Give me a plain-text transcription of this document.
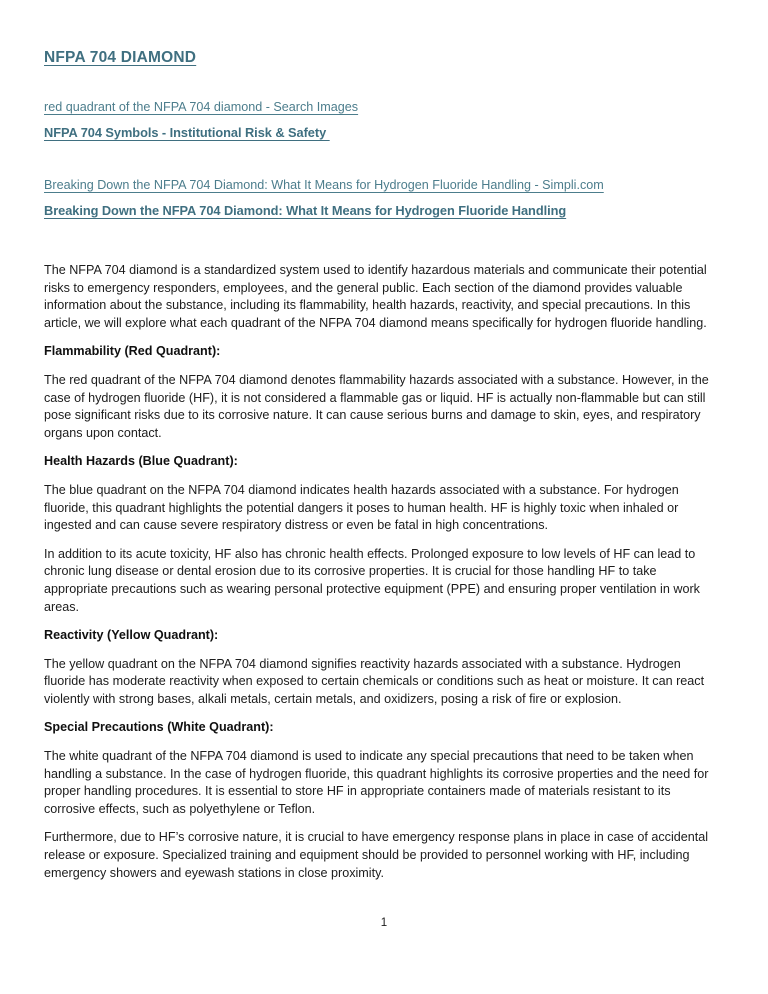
NFPA 704 DIAMOND
red quadrant of the NFPA 704 diamond - Search Images
NFPA 704 Symbols - Institutional Risk & Safety
Breaking Down the NFPA 704 Diamond: What It Means for Hydrogen Fluoride Handling - Simpli.com
Breaking Down the NFPA 704 Diamond: What It Means for Hydrogen Fluoride Handling

The NFPA 704 diamond is a standardized system used to identify hazardous materials and communicate their potential risks to emergency responders, employees, and the general public. Each section of the diamond provides valuable information about the substance, including its flammability, health hazards, reactivity, and special precautions. In this article, we will explore what each quadrant of the NFPA 704 diamond means specifically for hydrogen fluoride handling.

Flammability (Red Quadrant):

The red quadrant of the NFPA 704 diamond denotes flammability hazards associated with a substance. However, in the case of hydrogen fluoride (HF), it is not considered a flammable gas or liquid. HF is actually non-flammable but can still pose significant risks due to its corrosive nature. It can cause serious burns and damage to skin, eyes, and respiratory organs upon contact.

Health Hazards (Blue Quadrant):

The blue quadrant on the NFPA 704 diamond indicates health hazards associated with a substance. For hydrogen fluoride, this quadrant highlights the potential dangers it poses to human health. HF is highly toxic when inhaled or ingested and can cause severe respiratory distress or even be fatal in high concentrations.

In addition to its acute toxicity, HF also has chronic health effects. Prolonged exposure to low levels of HF can lead to chronic lung disease or dental erosion due to its corrosive properties. It is crucial for those handling HF to take appropriate precautions such as wearing personal protective equipment (PPE) and ensuring proper ventilation in work areas.

Reactivity (Yellow Quadrant):

The yellow quadrant on the NFPA 704 diamond signifies reactivity hazards associated with a substance. Hydrogen fluoride has moderate reactivity when exposed to certain chemicals or conditions such as heat or moisture. It can react violently with strong bases, alkali metals, certain metals, and oxidizers, posing a risk of fire or explosion.

Special Precautions (White Quadrant):

The white quadrant of the NFPA 704 diamond is used to indicate any special precautions that need to be taken when handling a substance. In the case of hydrogen fluoride, this quadrant highlights its corrosive properties and the need for proper handling procedures. It is essential to store HF in appropriate containers made of materials resistant to its corrosive effects, such as polyethylene or Teflon.

Furthermore, due to HF’s corrosive nature, it is crucial to have emergency response plans in place in case of accidental release or exposure. Specialized training and equipment should be provided to personnel working with HF, including emergency showers and eyewash stations in close proximity.

1
